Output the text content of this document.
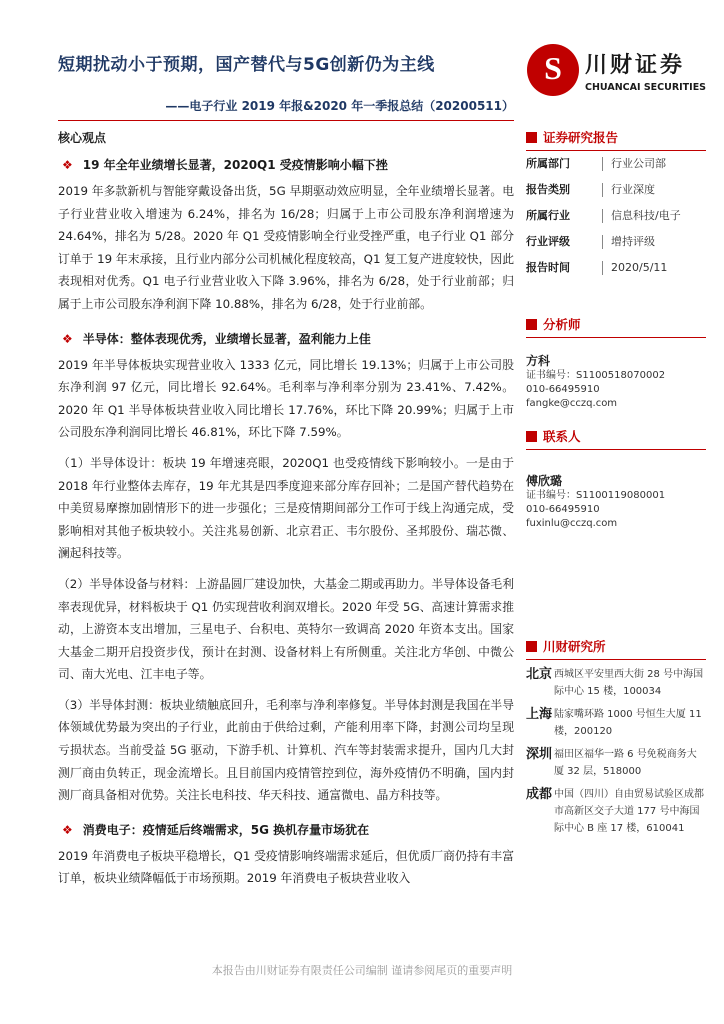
短期扰动小于预期，国产替代与5G创新仍为主线
——电子行业 2019 年报&2020 年一季报总结（20200511）
S	川财证券
CHUANCAI SECURITIES
核心观点
❖ 19 年全年业绩增长显著，2020Q1 受疫情影响小幅下挫

2019 年多款新机与智能穿戴设备出货，5G 早期驱动效应明显，全年业绩增长显著。电子行业营业收入增速为 6.24%，排名为 16/28；归属于上市公司股东净利润增速为 24.64%，排名为 5/28。2020 年 Q1 受疫情影响全行业受挫严重，电子行业 Q1 部分订单于 19 年末承接，且行业内部分公司机械化程度较高，Q1 复工复产进度较快，因此表现相对优秀。Q1 电子行业营业收入下降 3.96%，排名为 6/28，处于行业前部；归属于上市公司股东净利润下降 10.88%，排名为 6/28，处于行业前部。

❖ 半导体：整体表现优秀，业绩增长显著，盈利能力上佳

2019 年半导体板块实现营业收入 1333 亿元，同比增长 19.13%；归属于上市公司股东净利润 97 亿元，同比增长 92.64%。毛利率与净利率分别为 23.41%、7.42%。2020 年 Q1 半导体板块营业收入同比增长 17.76%，环比下降 20.99%；归属于上市公司股东净利润同比增长 46.81%，环比下降 7.59%。

（1）半导体设计：板块 19 年增速亮眼，2020Q1 也受疫情线下影响较小。一是由于 2018 年行业整体去库存，19 年尤其是四季度迎来部分库存回补；二是国产替代趋势在中美贸易摩擦加剧情形下的进一步强化；三是疫情期间部分工作可于线上沟通完成，受影响相对其他子板块较小。关注兆易创新、北京君正、韦尔股份、圣邦股份、瑞芯微、澜起科技等。

（2）半导体设备与材料：上游晶圆厂建设加快，大基金二期或再助力。半导体设备毛利率表现优异，材料板块于 Q1 仍实现营收利润双增长。2020 年受 5G、高速计算需求推动，上游资本支出增加，三星电子、台积电、英特尔一致调高 2020 年资本支出。国家大基金二期开启投资步伐，预计在封测、设备材料上有所侧重。关注北方华创、中微公司、南大光电、江丰电子等。

（3）半导体封测：板块业绩触底回升，毛利率与净利率修复。半导体封测是我国在半导体领域优势最为突出的子行业，此前由于供给过剩，产能利用率下降，封测公司均呈现亏损状态。当前受益 5G 驱动，下游手机、计算机、汽车等封装需求提升，国内几大封测厂商由负转正，现金流增长。且目前国内疫情管控到位，海外疫情仍不明确，国内封测厂商具备相对优势。关注长电科技、华天科技、通富微电、晶方科技等。

❖ 消费电子：疫情延后终端需求，5G 换机存量市场犹在

2019 年消费电子板块平稳增长，Q1 受疫情影响终端需求延后，但优质厂商仍持有丰富订单，板块业绩降幅低于市场预期。2019 年消费电子板块营业收入

证券研究报告
所属部门	行业公司部
报告类别	行业深度
所属行业	信息科技/电子
行业评级	增持评级
报告时间	2020/5/11
分析师
方科
证书编号：S1100518070002
010-66495910
fangke@cczq.com
联系人
傅欣璐
证书编号：S1100119080001
010-66495910
fuxinlu@cczq.com
川财研究所
北京 西城区平安里西大街 28 号中海国际中心 15 楼，100034
上海 陆家嘴环路 1000 号恒生大厦 11 楼，200120
深圳 福田区福华一路 6 号免税商务大厦 32 层，518000
成都 中国（四川）自由贸易试验区成都市高新区交子大道 177 号中海国际中心 B 座 17 楼，610041
本报告由川财证券有限责任公司编制 谨请参阅尾页的重要声明
